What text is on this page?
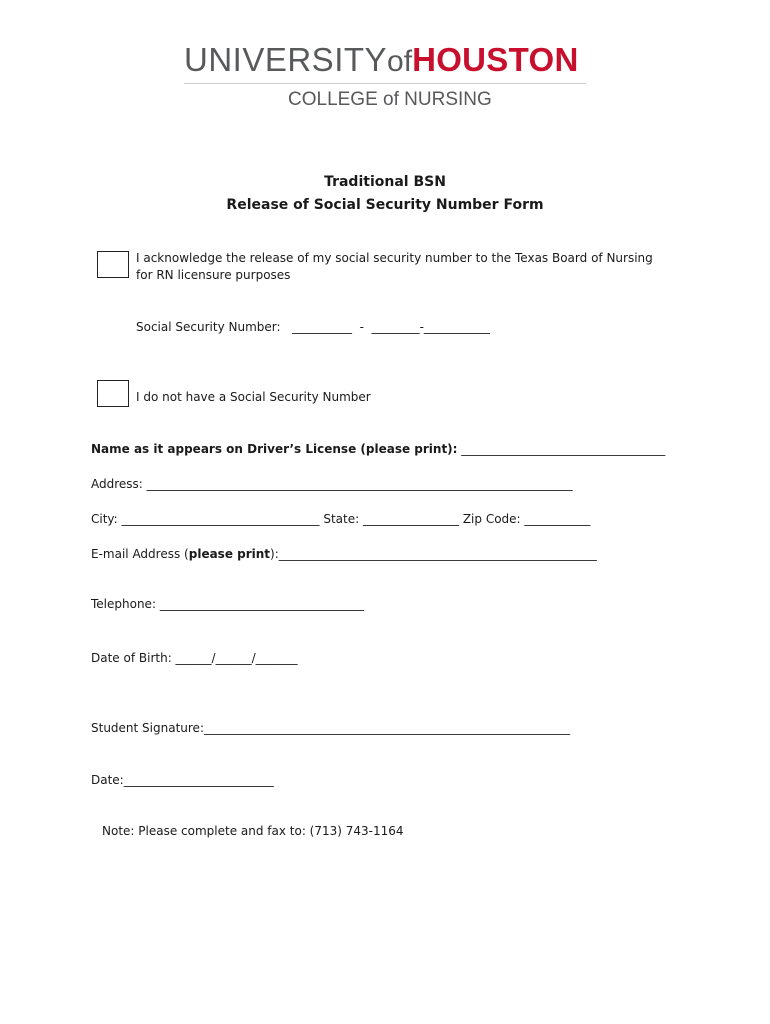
UNIVERSITYofHOUSTON
COLLEGE of NURSING
Traditional BSN
Release of Social Security Number Form
I acknowledge the release of my social security number to the Texas Board of Nursing
for RN licensure purposes
Social Security Number: __________  -  ________-___________
I do not have a Social Security Number
Name as it appears on Driver’s License (please print): __________________________________
Address: _______________________________________________________________________
City: _________________________________ State: ________________ Zip Code: ___________
E-mail Address (please print):_____________________________________________________
Telephone: __________________________________
Date of Birth: ______/______/_______
Student Signature:_____________________________________________________________
Date:_________________________
Note: Please complete and fax to: (713) 743-1164
